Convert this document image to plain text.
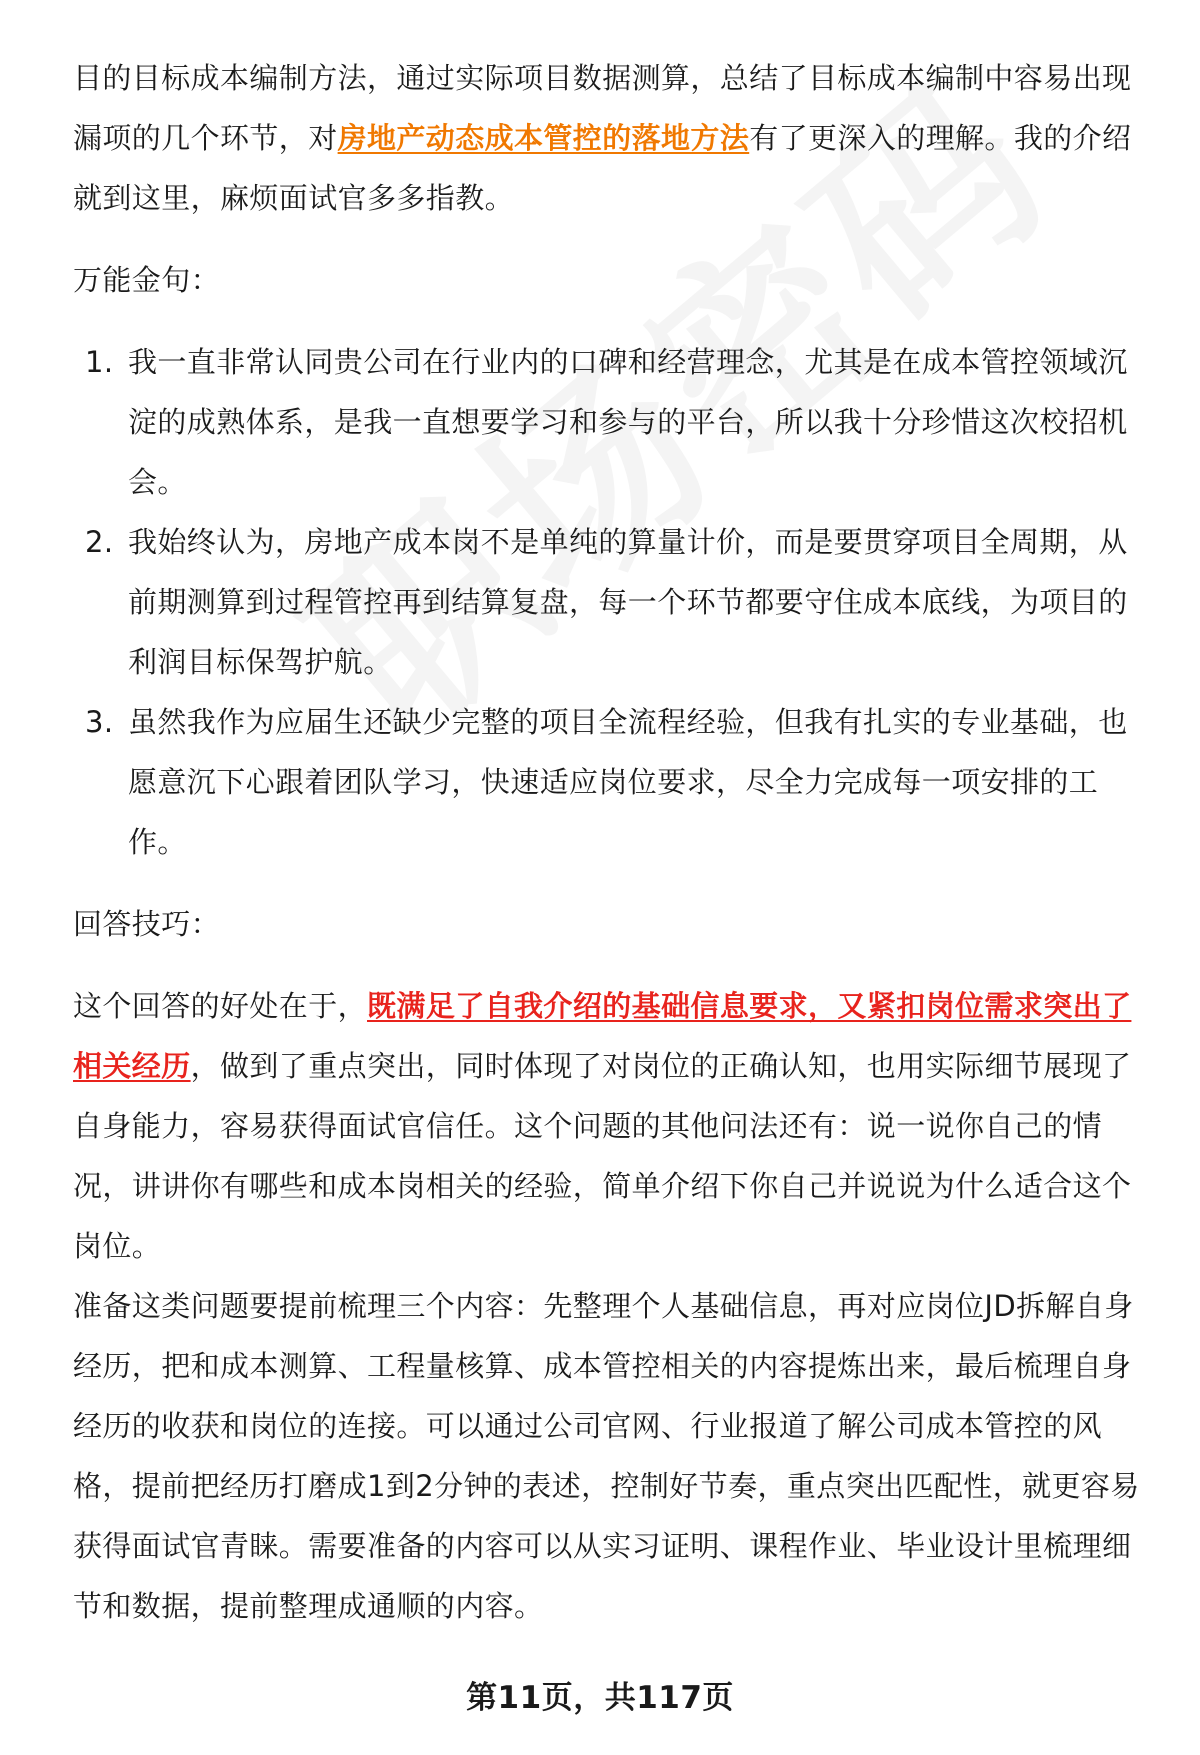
目的目标成本编制方法，通过实际项目数据测算，总结了目标成本编制中容易出现漏项的几个环节，对房地产动态成本管控的落地方法有了更深入的理解。我的介绍就到这里，麻烦面试官多多指教。

万能金句：

1. 我一直非常认同贵公司在行业内的口碑和经营理念，尤其是在成本管控领域沉淀的成熟体系，是我一直想要学习和参与的平台，所以我十分珍惜这次校招机会。
2. 我始终认为，房地产成本岗不是单纯的算量计价，而是要贯穿项目全周期，从前期测算到过程管控再到结算复盘，每一个环节都要守住成本底线，为项目的利润目标保驾护航。
3. 虽然我作为应届生还缺少完整的项目全流程经验，但我有扎实的专业基础，也愿意沉下心跟着团队学习，快速适应岗位要求，尽全力完成每一项安排的工作。

回答技巧：

这个回答的好处在于，既满足了自我介绍的基础信息要求，又紧扣岗位需求突出了相关经历，做到了重点突出，同时体现了对岗位的正确认知，也用实际细节展现了自身能力，容易获得面试官信任。这个问题的其他问法还有：说一说你自己的情况，讲讲你有哪些和成本岗相关的经验，简单介绍下你自己并说说为什么适合这个岗位。

准备这类问题要提前梳理三个内容：先整理个人基础信息，再对应岗位JD拆解自身经历，把和成本测算、工程量核算、成本管控相关的内容提炼出来，最后梳理自身经历的收获和岗位的连接。可以通过公司官网、行业报道了解公司成本管控的风格，提前把经历打磨成1到2分钟的表述，控制好节奏，重点突出匹配性，就更容易获得面试官青睐。需要准备的内容可以从实习证明、课程作业、毕业设计里梳理细节和数据，提前整理成通顺的内容。

第11页，共117页
